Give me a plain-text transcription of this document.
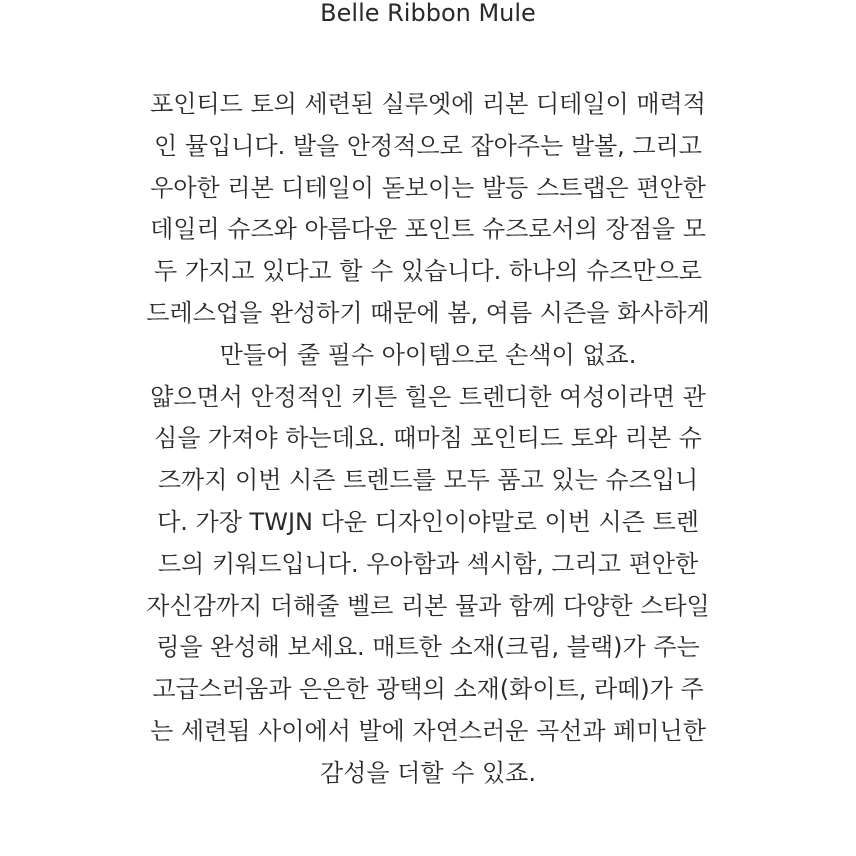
Belle Ribbon Mule
포인티드 토의 세련된 실루엣에 리본 디테일이 매력적
인 뮬입니다. 발을 안정적으로 잡아주는 발볼, 그리고
우아한 리본 디테일이 돋보이는 발등 스트랩은 편안한
데일리 슈즈와 아름다운 포인트 슈즈로서의 장점을 모
두 가지고 있다고 할 수 있습니다. 하나의 슈즈만으로
드레스업을 완성하기 때문에 봄, 여름 시즌을 화사하게
만들어 줄 필수 아이템으로 손색이 없죠.
얇으면서 안정적인 키튼 힐은 트렌디한 여성이라면 관
심을 가져야 하는데요. 때마침 포인티드 토와 리본 슈
즈까지 이번 시즌 트렌드를 모두 품고 있는 슈즈입니
다. 가장 TWJN 다운 디자인이야말로 이번 시즌 트렌
드의 키워드입니다. 우아함과 섹시함, 그리고 편안한
자신감까지 더해줄 벨르 리본 뮬과 함께 다양한 스타일
링을 완성해 보세요. 매트한 소재(크림, 블랙)가 주는
고급스러움과 은은한 광택의 소재(화이트, 라떼)가 주
는 세련됨 사이에서 발에 자연스러운 곡선과 페미닌한
감성을 더할 수 있죠.
